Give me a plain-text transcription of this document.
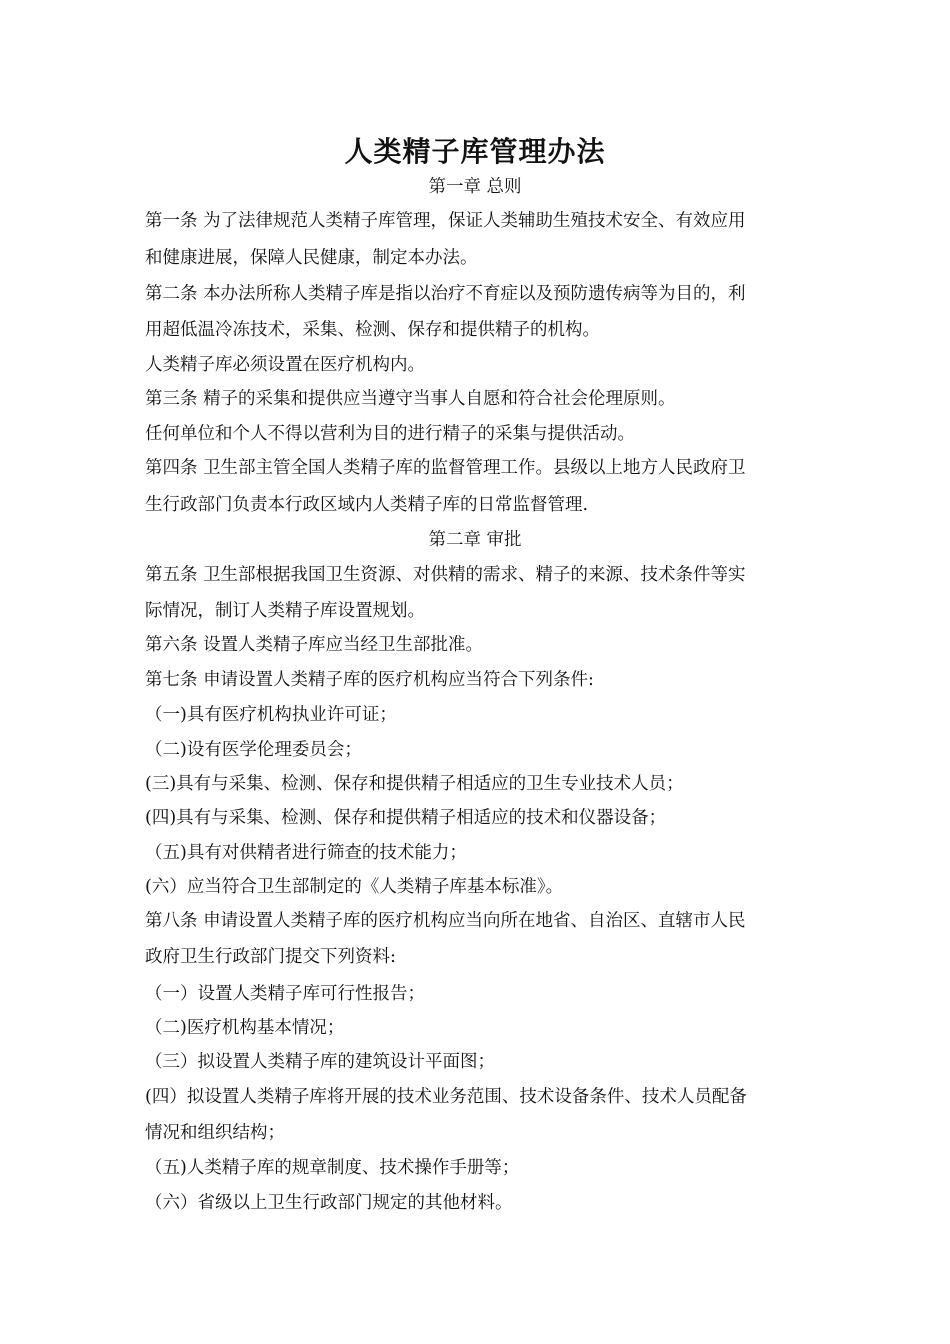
人类精子库管理办法
第一章 总则
第一条 为了法律规范人类精子库管理，保证人类辅助生殖技术安全、有效应用
和健康进展，保障人民健康，制定本办法。
第二条 本办法所称人类精子库是指以治疗不育症以及预防遗传病等为目的，利
用超低温冷冻技术，采集、检测、保存和提供精子的机构。
人类精子库必须设置在医疗机构内。
第三条 精子的采集和提供应当遵守当事人自愿和符合社会伦理原则。
任何单位和个人不得以营利为目的进行精子的采集与提供活动。
第四条 卫生部主管全国人类精子库的监督管理工作。县级以上地方人民政府卫
生行政部门负责本行政区域内人类精子库的日常监督管理.
第二章 审批
第五条 卫生部根据我国卫生资源、对供精的需求、精子的来源、技术条件等实
际情况，制订人类精子库设置规划。
第六条 设置人类精子库应当经卫生部批准。
第七条 申请设置人类精子库的医疗机构应当符合下列条件:
（一)具有医疗机构执业许可证；
（二)设有医学伦理委员会；
(三)具有与采集、检测、保存和提供精子相适应的卫生专业技术人员；
(四)具有与采集、检测、保存和提供精子相适应的技术和仪器设备；
（五)具有对供精者进行筛查的技术能力；
(六）应当符合卫生部制定的《人类精子库基本标准》。
第八条 申请设置人类精子库的医疗机构应当向所在地省、自治区、直辖市人民
政府卫生行政部门提交下列资料:
（一）设置人类精子库可行性报告；
（二)医疗机构基本情况；
（三）拟设置人类精子库的建筑设计平面图；
(四）拟设置人类精子库将开展的技术业务范围、技术设备条件、技术人员配备
情况和组织结构；
（五)人类精子库的规章制度、技术操作手册等；
（六）省级以上卫生行政部门规定的其他材料。
